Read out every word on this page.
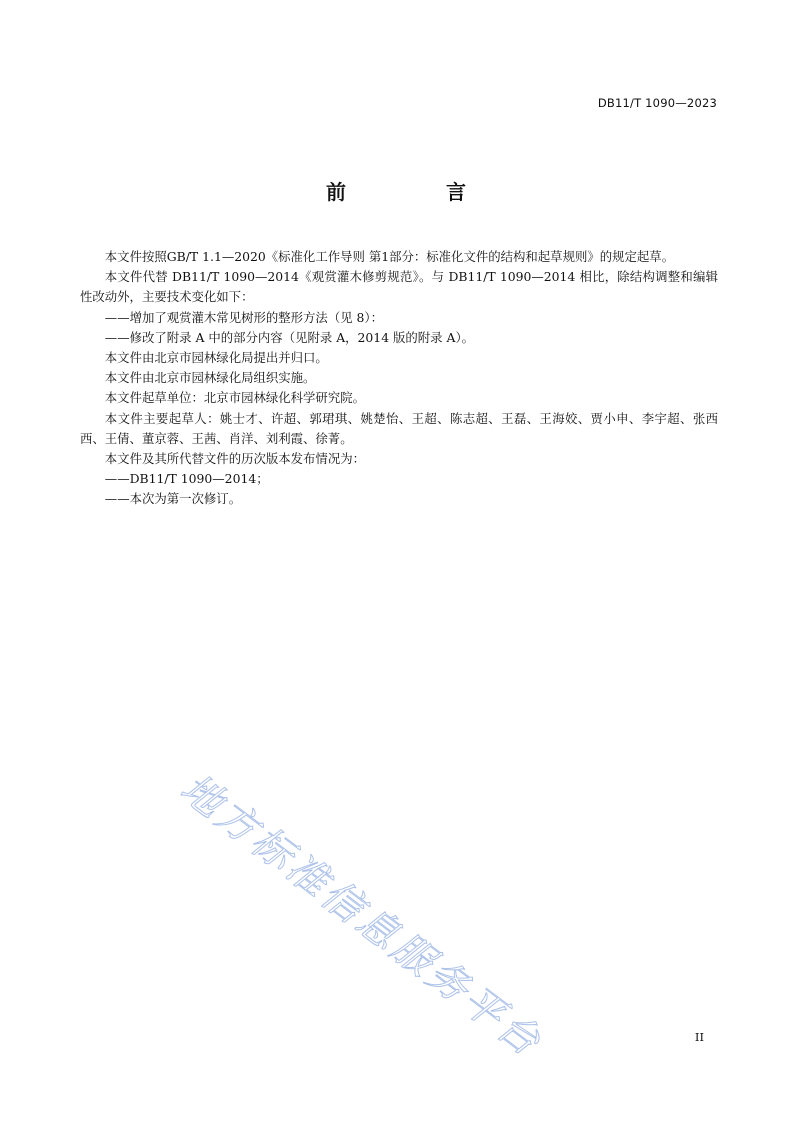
DB11/T 1090—2023
前　言

本文件按照GB/T 1.1—2020《标准化工作导则 第1部分：标准化文件的结构和起草规则》的规定起草。

本文件代替 DB11/T 1090—2014《观赏灌木修剪规范》。与 DB11/T 1090—2014 相比，除结构调整和编辑性改动外，主要技术变化如下：

——增加了观赏灌木常见树形的整形方法（见 8）：

——修改了附录 A 中的部分内容（见附录 A，2014 版的附录 A）。

本文件由北京市园林绿化局提出并归口。

本文件由北京市园林绿化局组织实施。

本文件起草单位：北京市园林绿化科学研究院。

本文件主要起草人：姚士才、许超、郭珺琪、姚楚怡、王超、陈志超、王磊、王海姣、贾小申、李宇超、张西西、王倩、董京蓉、王茜、肖洋、刘利霞、徐菁。

本文件及其所代替文件的历次版本发布情况为：

——DB11/T 1090—2014；

——本次为第一次修订。

地方标准信息服务平台	II
